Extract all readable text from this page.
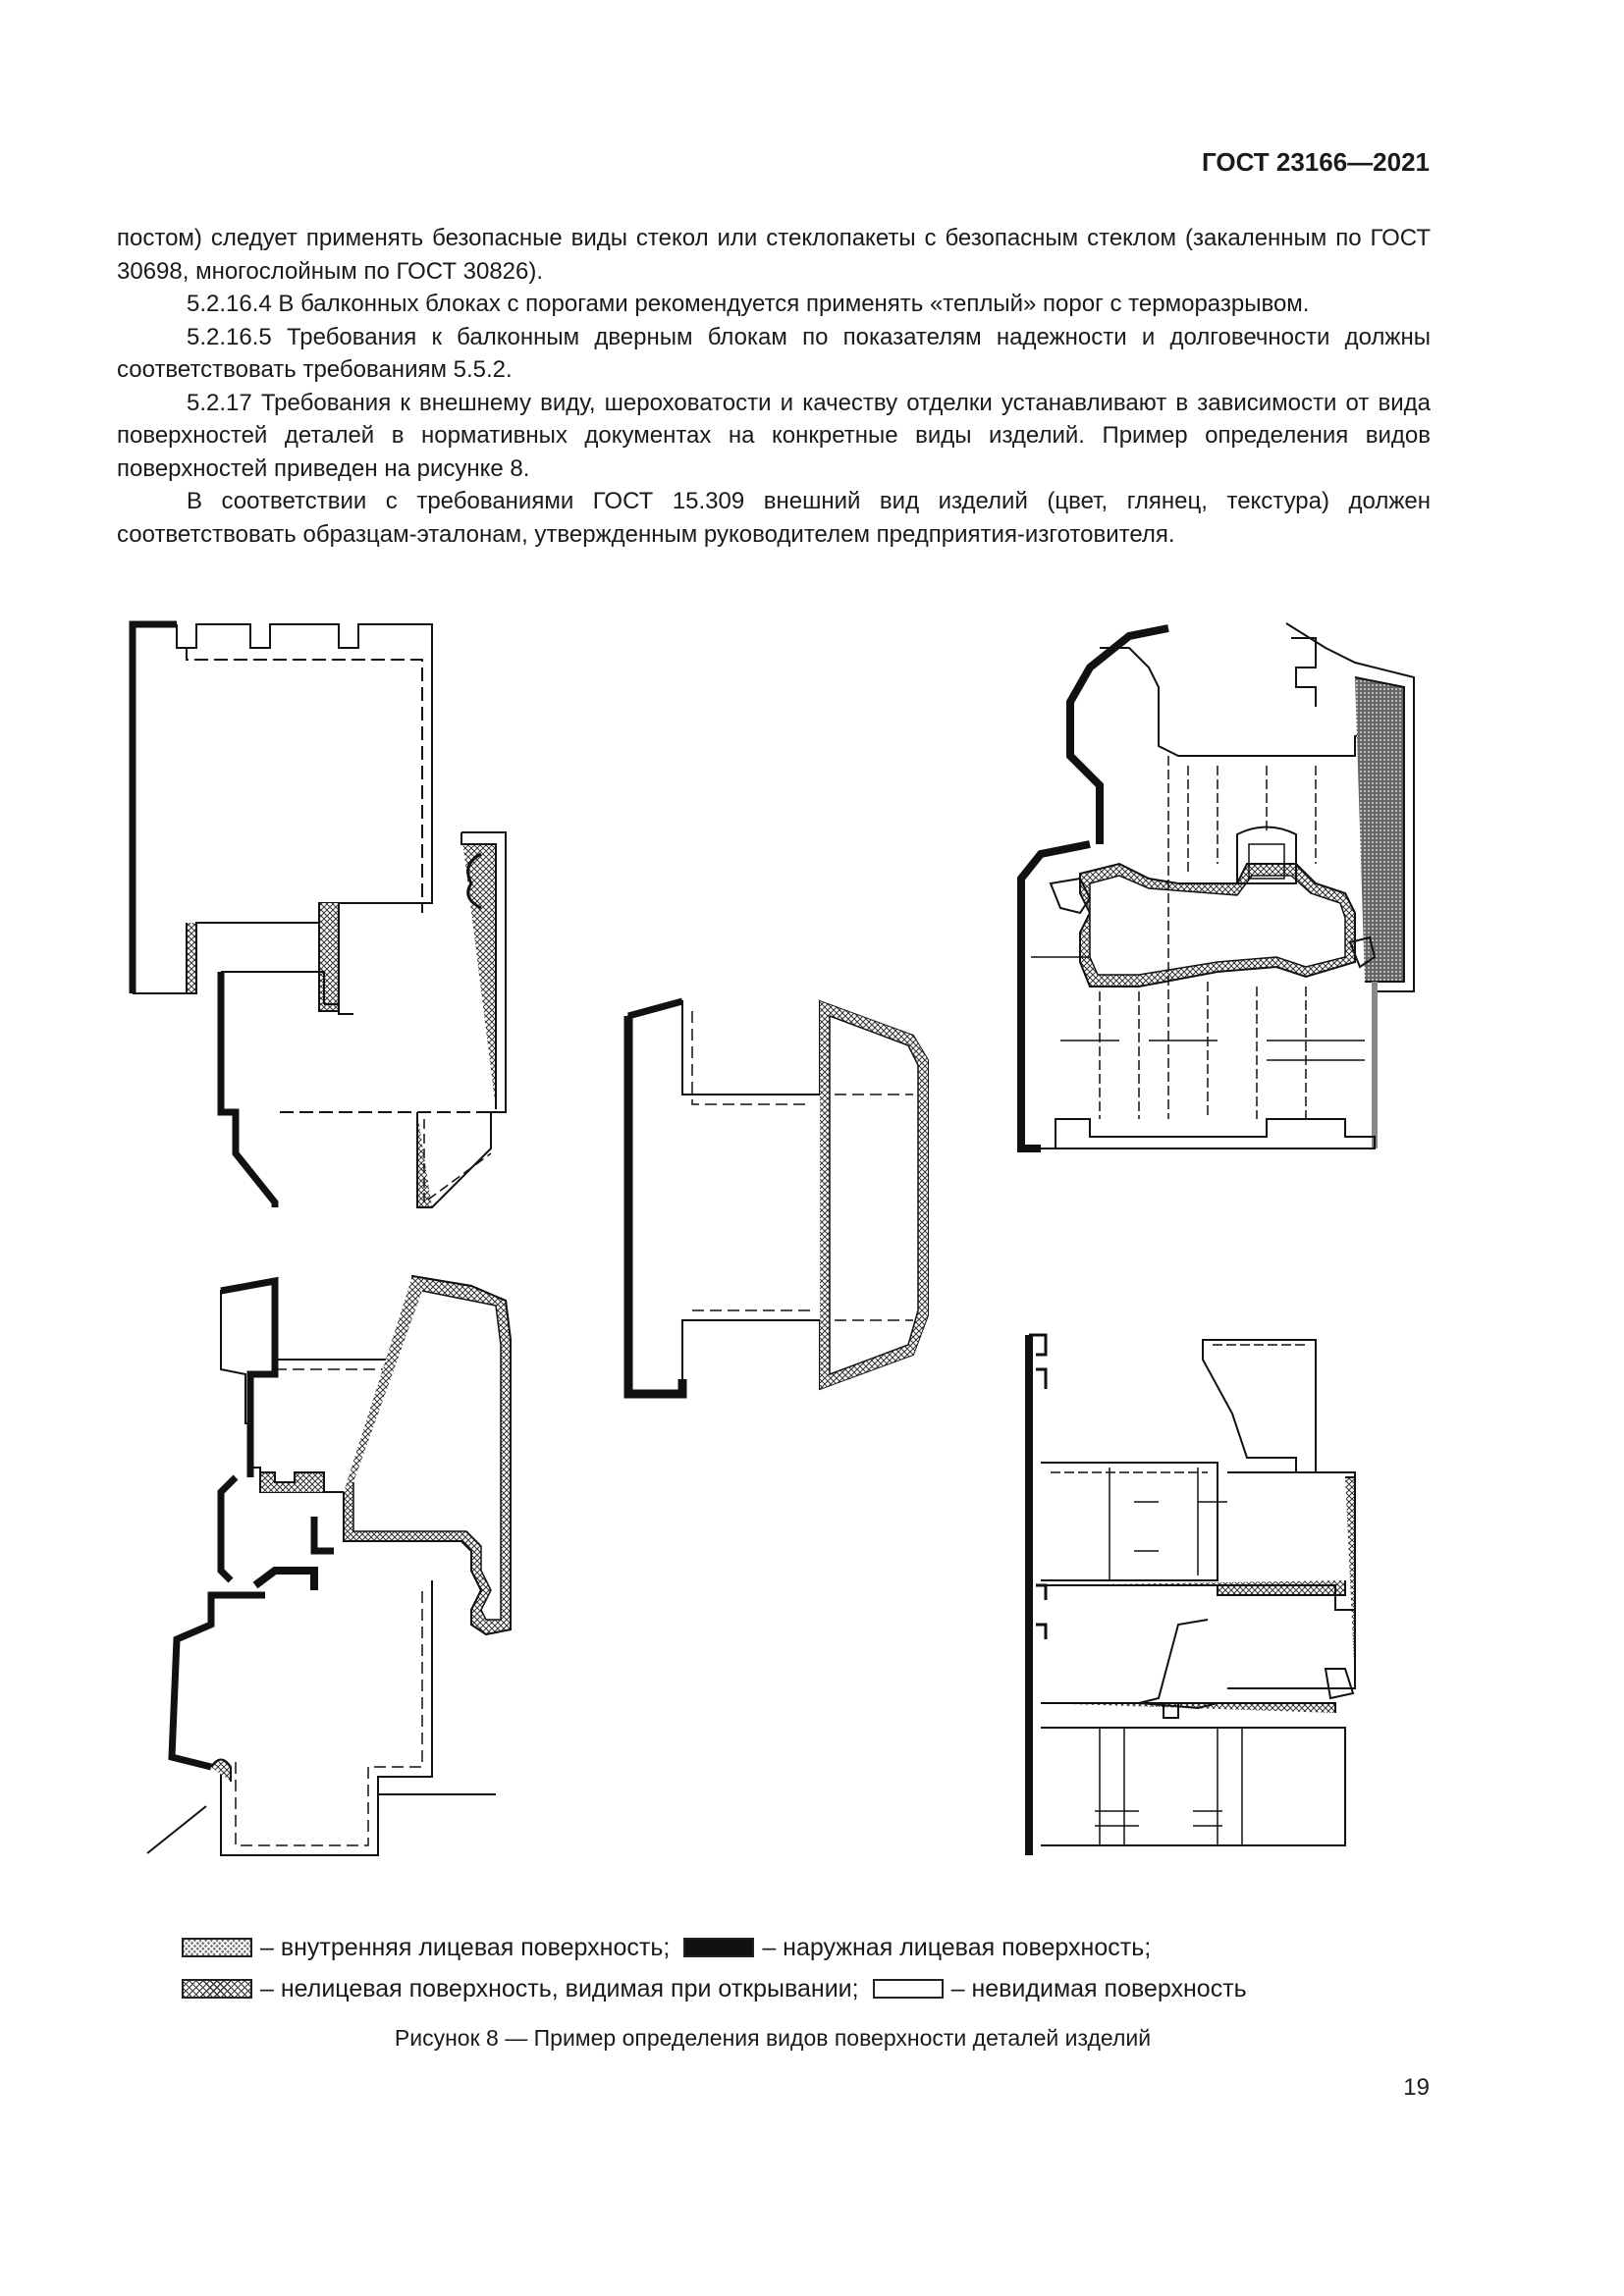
ГОСТ 23166—2021

постом) следует применять безопасные виды стекол или стеклопакеты с безопасным стеклом (закаленным по ГОСТ 30698, многослойным по ГОСТ 30826).

5.2.16.4 В балконных блоках с порогами рекомендуется применять «теплый» порог с терморазрывом.

5.2.16.5 Требования к балконным дверным блокам по показателям надежности и долговечности должны соответствовать требованиям 5.5.2.

5.2.17 Требования к внешнему виду, шероховатости и качеству отделки устанавливают в зависимости от вида поверхностей деталей в нормативных документах на конкретные виды изделий. Пример определения видов поверхностей приведен на рисунке 8.

В соответствии с требованиями ГОСТ 15.309 внешний вид изделий (цвет, глянец, текстура) должен соответствовать образцам-эталонам, утвержденным руководителем предприятия-изготовителя.

– внутренняя лицевая поверхность;	– наружная лицевая поверхность;
– нелицевая поверхность, видимая при открывании;	– невидимая поверхность
Рисунок 8 — Пример определения видов поверхности деталей изделий
19
